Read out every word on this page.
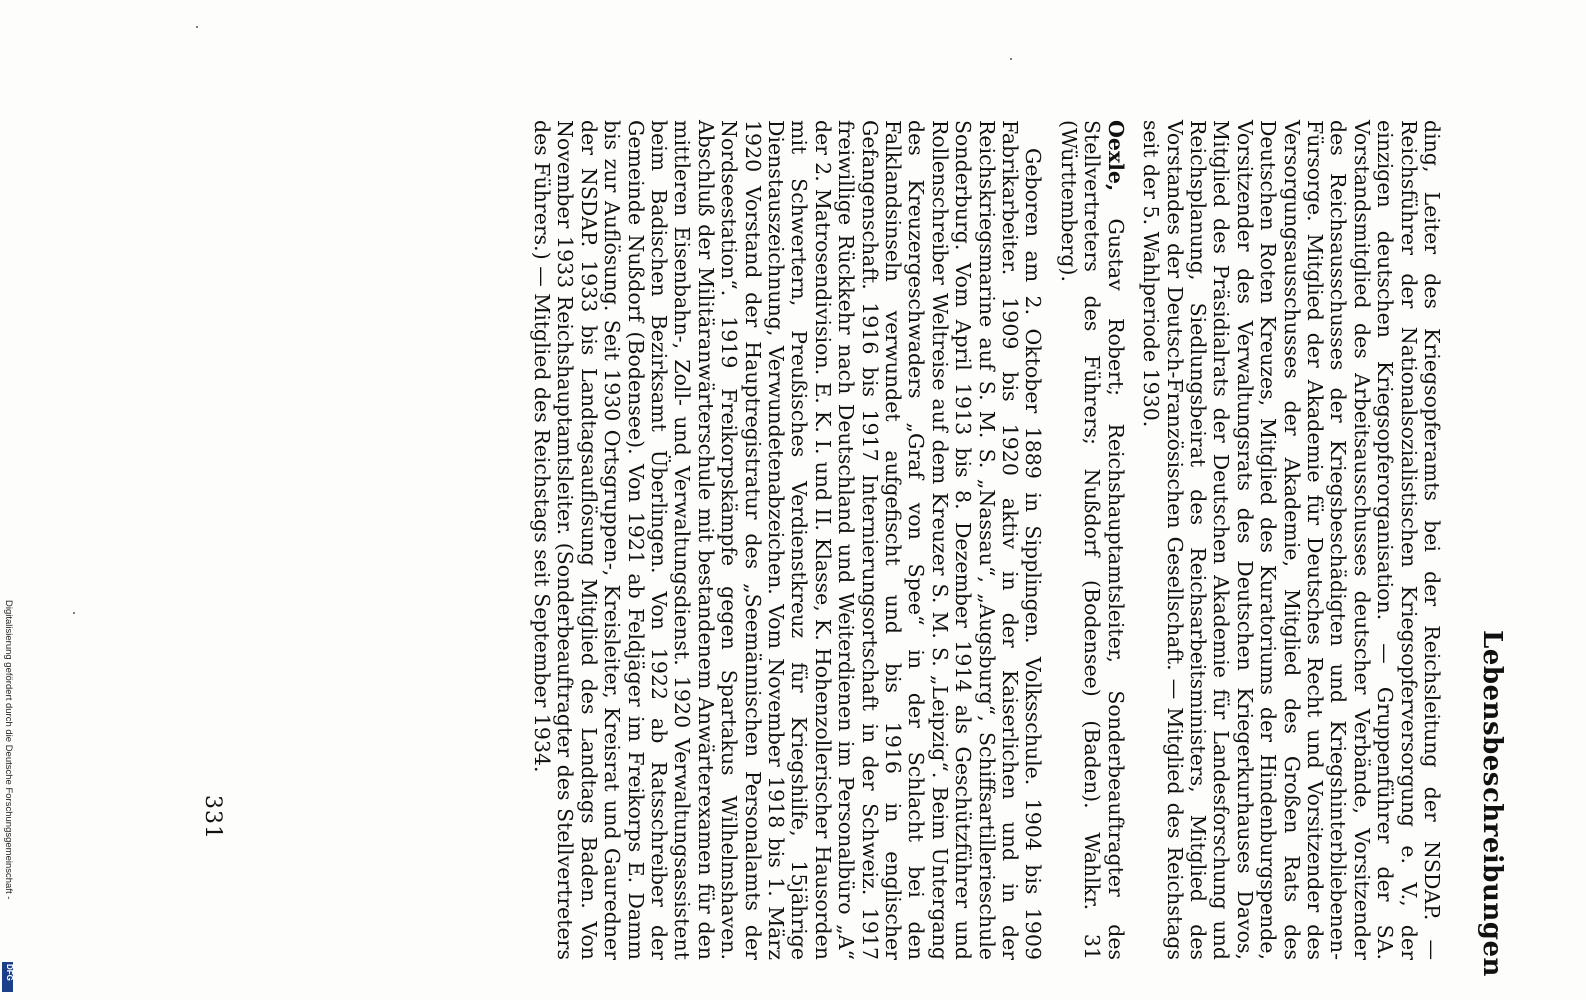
Lebensbeschreibungen

ding, Leiter des Kriegsopferamts bei der Reichsleitung der NSDAP. — Reichsführer der Nationalsozialistischen Kriegsopferversorgung e. V., der einzigen deutschen Kriegsopferorganisation. — Gruppenführer der SA. Vorstandsmitglied des Arbeitsausschusses deutscher Verbände, Vorsitzender des Reichsausschusses der Kriegsbeschädigten und Kriegshinterbliebenen-Fürsorge. Mitglied der Akademie für Deutsches Recht und Vorsitzender des Versorgungsausschusses der Akademie, Mitglied des Großen Rats des Deutschen Roten Kreuzes, Mitglied des Kuratoriums der Hindenburgspende, Vorsitzender des Verwaltungsrats des Deutschen Kriegerkurhauses Davos, Mitglied des Präsidialrats der Deutschen Akademie für Landesforschung und Reichsplanung, Siedlungsbeirat des Reichsarbeitsministers, Mitglied des Vorstandes der Deutsch-Französischen Gesellschaft. — Mitglied des Reichstags seit der 5. Wahlperiode 1930.

Oexle, Gustav Robert; Reichshauptamtsleiter, Sonderbeauftragter des Stellvertreters des Führers; Nußdorf (Bodensee) (Baden). Wahlkr. 31 (Württemberg).

Geboren am 2. Oktober 1889 in Sipplingen. Volksschule. 1904 bis 1909 Fabrikarbeiter. 1909 bis 1920 aktiv in der Kaiserlichen und in der Reichskriegsmarine auf S. M. S. „Nassau“, „Augsburg“, Schiffsartillerieschule Sonderburg. Vom April 1913 bis 8. Dezember 1914 als Geschützführer und Rollenschreiber Weltreise auf dem Kreuzer S. M. S. „Leipzig“. Beim Untergang des Kreuzergeschwaders „Graf von Spee“ in der Schlacht bei den Falklandsinseln verwundet aufgefischt und bis 1916 in englischer Gefangenschaft. 1916 bis 1917 Internierungsortschaft in der Schweiz. 1917 freiwillige Rückkehr nach Deutschland und Weiterdienen im Personalbüro „A“ der 2. Matrosendivision. E. K. I. und II. Klasse, K. Hohenzollerischer Hausorden mit Schwertern, Preußisches Verdienstkreuz für Kriegshilfe, 15jährige Dienstauszeichnung, Verwundetenabzeichen. Vom November 1918 bis 1. März 1920 Vorstand der Hauptregistratur des „Seemännischen Personalamts der Nordseestation“. 1919 Freikorpskämpfe gegen Spartakus Wilhelmshaven. Abschluß der Militäranwärterschule mit bestandenem Anwärterexamen für den mittleren Eisenbahn-, Zoll- und Verwaltungsdienst. 1920 Verwaltungsassistent beim Badischen Bezirksamt Überlingen. Von 1922 ab Ratsschreiber der Gemeinde Nußdorf (Bodensee). Von 1921 ab Feldjäger im Freikorps E. Damm bis zur Auflösung. Seit 1930 Ortsgruppen-, Kreisleiter, Kreisrat und Gauredner der NSDAP. 1933 bis Landtagsauflösung Mitglied des Landtags Baden. Von November 1933 Reichshauptamtsleiter. (Sonderbeauftragter des Stellvertreters des Führers.) — Mitglied des Reichstags seit September 1934.

331
Digitalisierung gefördert durch die Deutsche Forschungsgemeinschaft -
DFG
